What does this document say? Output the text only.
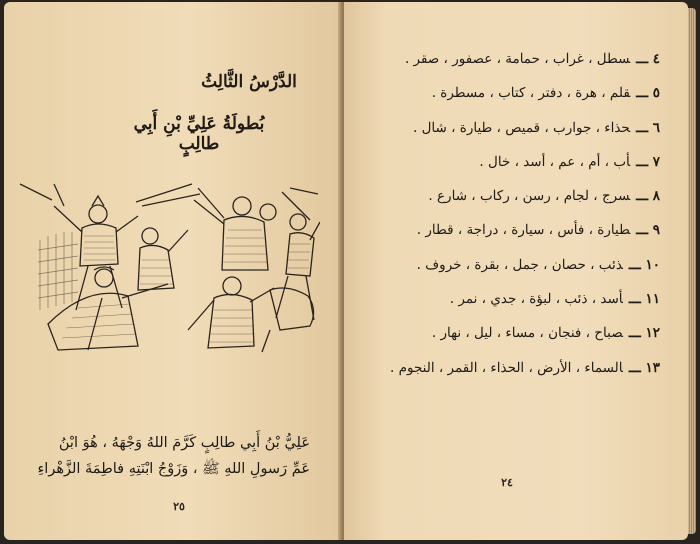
الدَّرْسُ الثَّالِثُ
بُطولَةُ عَلِيِّ بْنِ أَبِي طالِبٍ
عَلِيُّ بْنُ أَبِي طالِبٍ كَرَّمَ اللهُ وَجْهَهُ ، هُوَ ابْنُ
عَمِّ رَسولِ اللهِ ﷺ ، وَزَوْجُ ابْنَتِهِ فاطِمَةَ الزَّهْراءِ
٢٥
٤ ـــسطل ، غراب ، حمامة ، عصفور ، صقر .
٥ ـــقلم ، هرة ، دفتر ، كتاب ، مسطرة .
٦ ـــحذاء ، جوارب ، قميص ، طيارة ، شال .
٧ ـــأب ، أم ، عم ، أسد ، خال .
٨ ـــسرج ، لجام ، رسن ، ركاب ، شارع .
٩ ـــطيارة ، فأس ، سيارة ، دراجة ، قطار .
١٠ ـــذئب ، حصان ، جمل ، بقرة ، خروف .
١١ ـــأسد ، ذئب ، لبؤة ، جدي ، نمر .
١٢ ـــصباح ، فنجان ، مساء ، ليل ، نهار .
١٣ ـــالسماء ، الأرض ، الحذاء ، القمر ، النجوم .
٢٤
